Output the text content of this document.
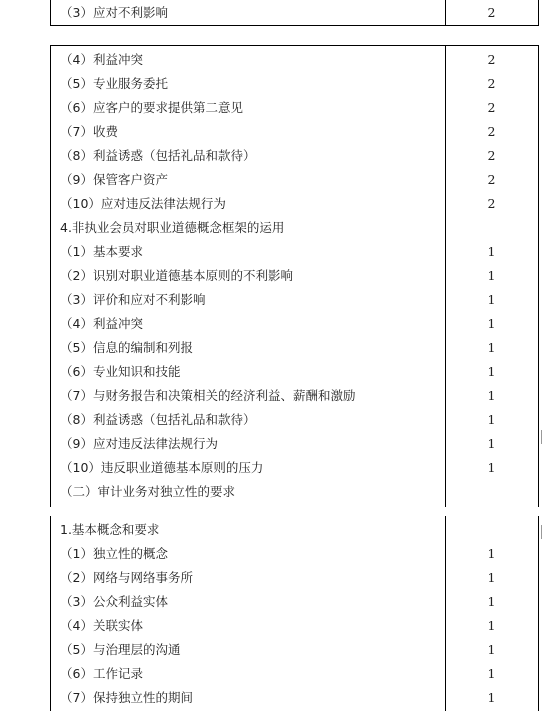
（3）应对不利影响	2
（4）利益冲突	2
（5）专业服务委托	2
（6）应客户的要求提供第二意见	2
（7）收费	2
（8）利益诱惑（包括礼品和款待）	2
（9）保管客户资产	2
（10）应对违反法律法规行为	2
4.非执业会员对职业道德概念框架的运用
（1）基本要求	1
（2）识别对职业道德基本原则的不利影响	1
（3）评价和应对不利影响	1
（4）利益冲突	1
（5）信息的编制和列报	1
（6）专业知识和技能	1
（7）与财务报告和决策相关的经济利益、薪酬和激励	1
（8）利益诱惑（包括礼品和款待）	1
（9）应对违反法律法规行为	1
（10）违反职业道德基本原则的压力	1
（二）审计业务对独立性的要求
1.基本概念和要求
（1）独立性的概念	1
（2）网络与网络事务所	1
（3）公众利益实体	1
（4）关联实体	1
（5）与治理层的沟通	1
（6）工作记录	1
（7）保持独立性的期间	1
